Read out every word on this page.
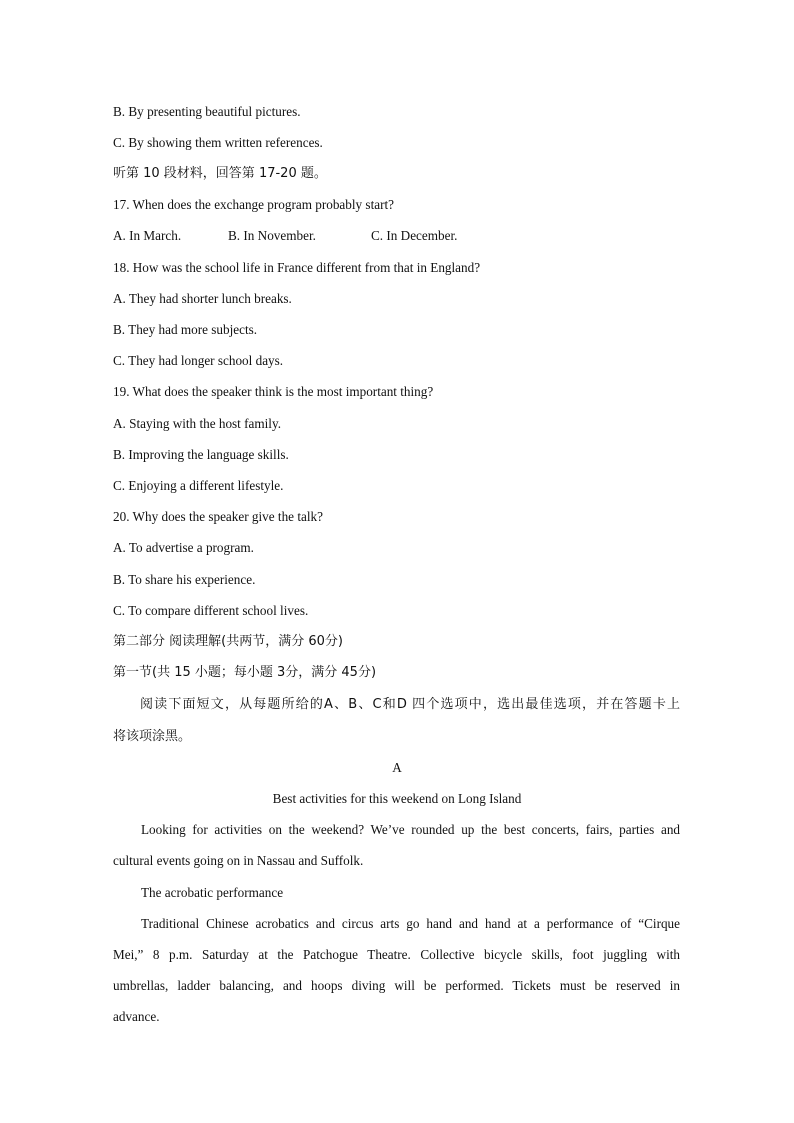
B. By presenting beautiful pictures.
C. By showing them written references.
听第 10 段材料，回答第 17-20 题。
17. When does the exchange program probably start?
A. In March.	B. In November.	C. In December.
18. How was the school life in France different from that in England?
A. They had shorter lunch breaks.
B. They had more subjects.
C. They had longer school days.
19. What does the speaker think is the most important thing?
A. Staying with the host family.
B. Improving the language skills.
C. Enjoying a different lifestyle.
20. Why does the speaker give the talk?
A. To advertise a program.
B. To share his experience.
C. To compare different school lives.
第二部分 阅读理解(共两节，满分 60分)
第一节(共 15 小题；每小题 3分，满分 45分)
阅读下面短文，从每题所给的A、B、C和D 四个选项中，选出最佳选项，并在答题卡上
将该项涂黑。
A
Best activities for this weekend on Long Island
Looking for activities on the weekend? We’ve rounded up the best concerts, fairs, parties and
cultural events going on in Nassau and Suffolk.
The acrobatic performance
Traditional Chinese acrobatics and circus arts go hand and hand at a performance of “Cirque
Mei,” 8 p.m. Saturday at the Patchogue Theatre. Collective bicycle skills, foot juggling with
umbrellas, ladder balancing, and hoops diving will be performed. Tickets must be reserved in
advance.
